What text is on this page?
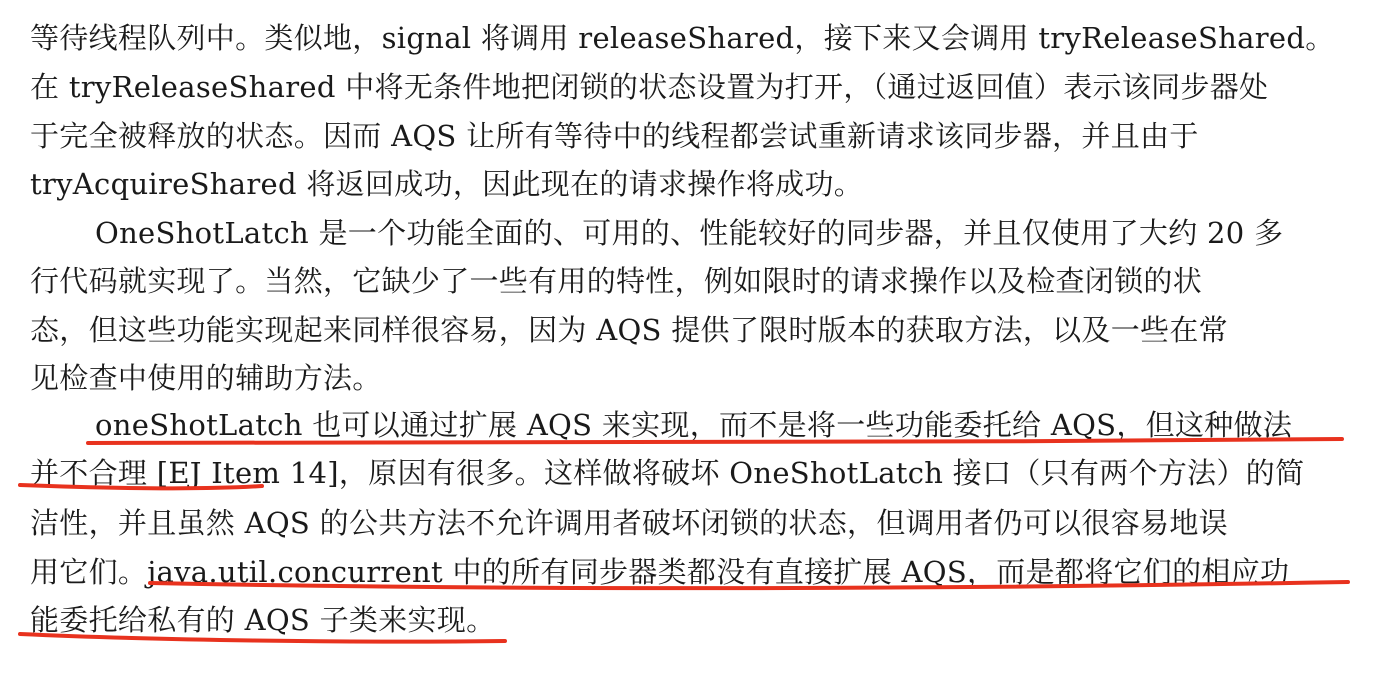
等待线程队列中。类似地，signal 将调用 releaseShared，接下来又会调用 tryReleaseShared。
在 tryReleaseShared 中将无条件地把闭锁的状态设置为打开，（通过返回值）表示该同步器处
于完全被释放的状态。因而 AQS 让所有等待中的线程都尝试重新请求该同步器，并且由于
tryAcquireShared 将返回成功，因此现在的请求操作将成功。
OneShotLatch 是一个功能全面的、可用的、性能较好的同步器，并且仅使用了大约 20 多
行代码就实现了。当然，它缺少了一些有用的特性，例如限时的请求操作以及检查闭锁的状
态，但这些功能实现起来同样很容易，因为 AQS 提供了限时版本的获取方法，以及一些在常
见检查中使用的辅助方法。
oneShotLatch 也可以通过扩展 AQS 来实现，而不是将一些功能委托给 AQS，但这种做法
并不合理 [EJ Item 14]，原因有很多。这样做将破坏 OneShotLatch 接口（只有两个方法）的简
洁性，并且虽然 AQS 的公共方法不允许调用者破坏闭锁的状态，但调用者仍可以很容易地误
用它们。java.util.concurrent 中的所有同步器类都没有直接扩展 AQS，而是都将它们的相应功
能委托给私有的 AQS 子类来实现。
